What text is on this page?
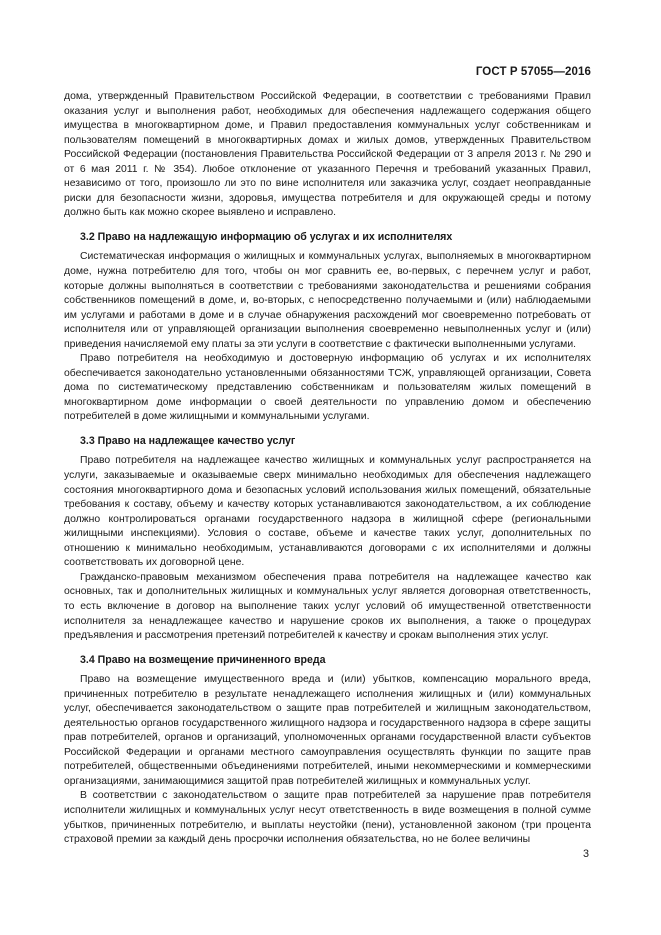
ГОСТ Р 57055—2016

дома, утвержденный Правительством Российской Федерации, в соответствии с требованиями Правил оказания услуг и выполнения работ, необходимых для обеспечения надлежащего содержания общего имущества в многоквартирном доме, и Правил предоставления коммунальных услуг собственникам и пользователям помещений в многоквартирных домах и жилых домов, утвержденных Правительством Российской Федерации (постановления Правительства Российской Федерации от 3 апреля 2013 г. № 290 и от 6 мая 2011 г. № 354). Любое отклонение от указанного Перечня и требований указанных Правил, независимо от того, произошло ли это по вине исполнителя или заказчика услуг, создает неоправданные риски для безопасности жизни, здоровья, имущества потребителя и для окружающей среды и потому должно быть как можно скорее выявлено и исправлено.

3.2 Право на надлежащую информацию об услугах и их исполнителях

Систематическая информация о жилищных и коммунальных услугах, выполняемых в многоквартирном доме, нужна потребителю для того, чтобы он мог сравнить ее, во-первых, с перечнем услуг и работ, которые должны выполняться в соответствии с требованиями законодательства и решениями собрания собственников помещений в доме, и, во-вторых, с непосредственно получаемыми и (или) наблюдаемыми им услугами и работами в доме и в случае обнаружения расхождений мог своевременно потребовать от исполнителя или от управляющей организации выполнения своевременно невыполненных услуг и (или) приведения начисляемой ему платы за эти услуги в соответствие с фактически выполненными услугами.

Право потребителя на необходимую и достоверную информацию об услугах и их исполнителях обеспечивается законодательно установленными обязанностями ТСЖ, управляющей организации, Совета дома по систематическому представлению собственникам и пользователям жилых помещений в многоквартирном доме информации о своей деятельности по управлению домом и обеспечению потребителей в доме жилищными и коммунальными услугами.

3.3 Право на надлежащее качество услуг

Право потребителя на надлежащее качество жилищных и коммунальных услуг распространяется на услуги, заказываемые и оказываемые сверх минимально необходимых для обеспечения надлежащего состояния многоквартирного дома и безопасных условий использования жилых помещений, обязательные требования к составу, объему и качеству которых устанавливаются законодательством, а их соблюдение должно контролироваться органами государственного надзора в жилищной сфере (региональными жилищными инспекциями). Условия о составе, объеме и качестве таких услуг, дополнительных по отношению к минимально необходимым, устанавливаются договорами с их исполнителями и должны соответствовать их договорной цене.

Гражданско-правовым механизмом обеспечения права потребителя на надлежащее качество как основных, так и дополнительных жилищных и коммунальных услуг является договорная ответственность, то есть включение в договор на выполнение таких услуг условий об имущественной ответственности исполнителя за ненадлежащее качество и нарушение сроков их выполнения, а также о процедурах предъявления и рассмотрения претензий потребителей к качеству и срокам выполнения этих услуг.

3.4 Право на возмещение причиненного вреда

Право на возмещение имущественного вреда и (или) убытков, компенсацию морального вреда, причиненных потребителю в результате ненадлежащего исполнения жилищных и (или) коммунальных услуг, обеспечивается законодательством о защите прав потребителей и жилищным законодательством, деятельностью органов государственного жилищного надзора и государственного надзора в сфере защиты прав потребителей, органов и организаций, уполномоченных органами государственной власти субъектов Российской Федерации и органами местного самоуправления осуществлять функции по защите прав потребителей, общественными объединениями потребителей, иными некоммерческими и коммерческими организациями, занимающимися защитой прав потребителей жилищных и коммунальных услуг.

В соответствии с законодательством о защите прав потребителей за нарушение прав потребителя исполнители жилищных и коммунальных услуг несут ответственность в виде возмещения в полной сумме убытков, причиненных потребителю, и выплаты неустойки (пени), установленной законом (три процента страховой премии за каждый день просрочки исполнения обязательства, но не более величины

3
